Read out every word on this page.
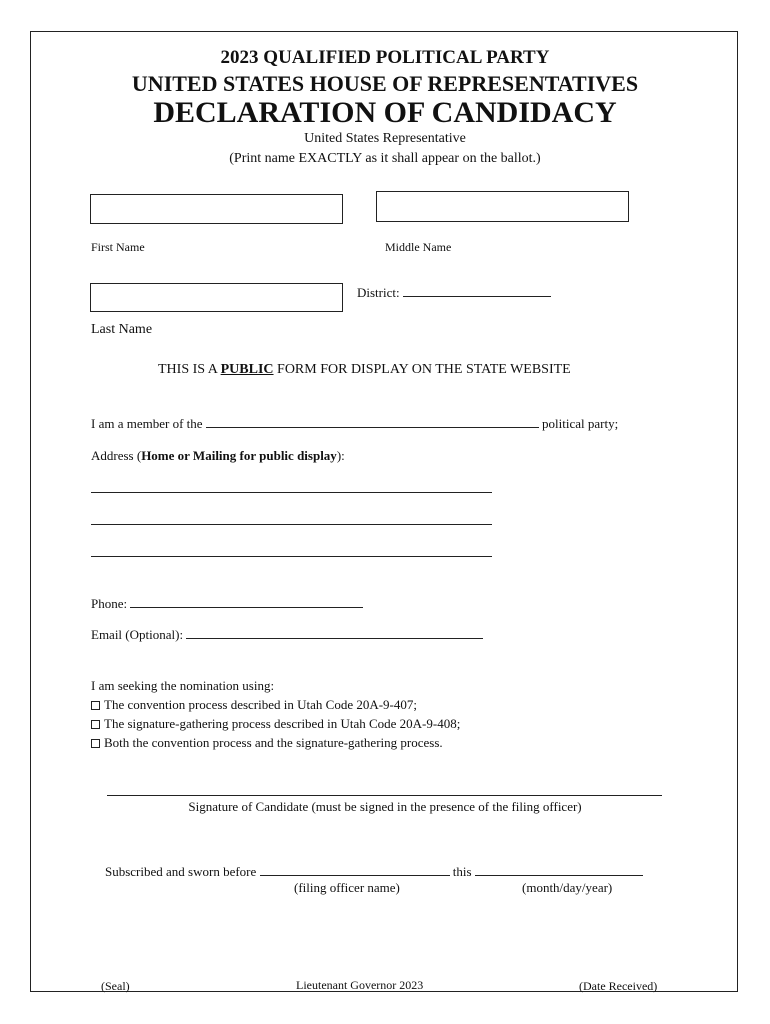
2023 QUALIFIED POLITICAL PARTY
UNITED STATES HOUSE OF REPRESENTATIVES
DECLARATION OF CANDIDACY
United States Representative
(Print name EXACTLY as it shall appear on the ballot.)
First Name	Middle Name
District:
Last Name
THIS IS A PUBLIC FORM FOR DISPLAY ON THE STATE WEBSITE
I am a member of the	political party;
Address (Home or Mailing for public display):
Phone:
Email (Optional):
I am seeking the nomination using:
The convention process described in Utah Code 20A-9-407;
The signature-gathering process described in Utah Code 20A-9-408;
Both the convention process and the signature-gathering process.
Signature of Candidate (must be signed in the presence of the filing officer)
Subscribed and sworn before	this
(filing officer name)	(month/day/year)
(Seal)	Lieutenant Governor 2023	(Date Received)
